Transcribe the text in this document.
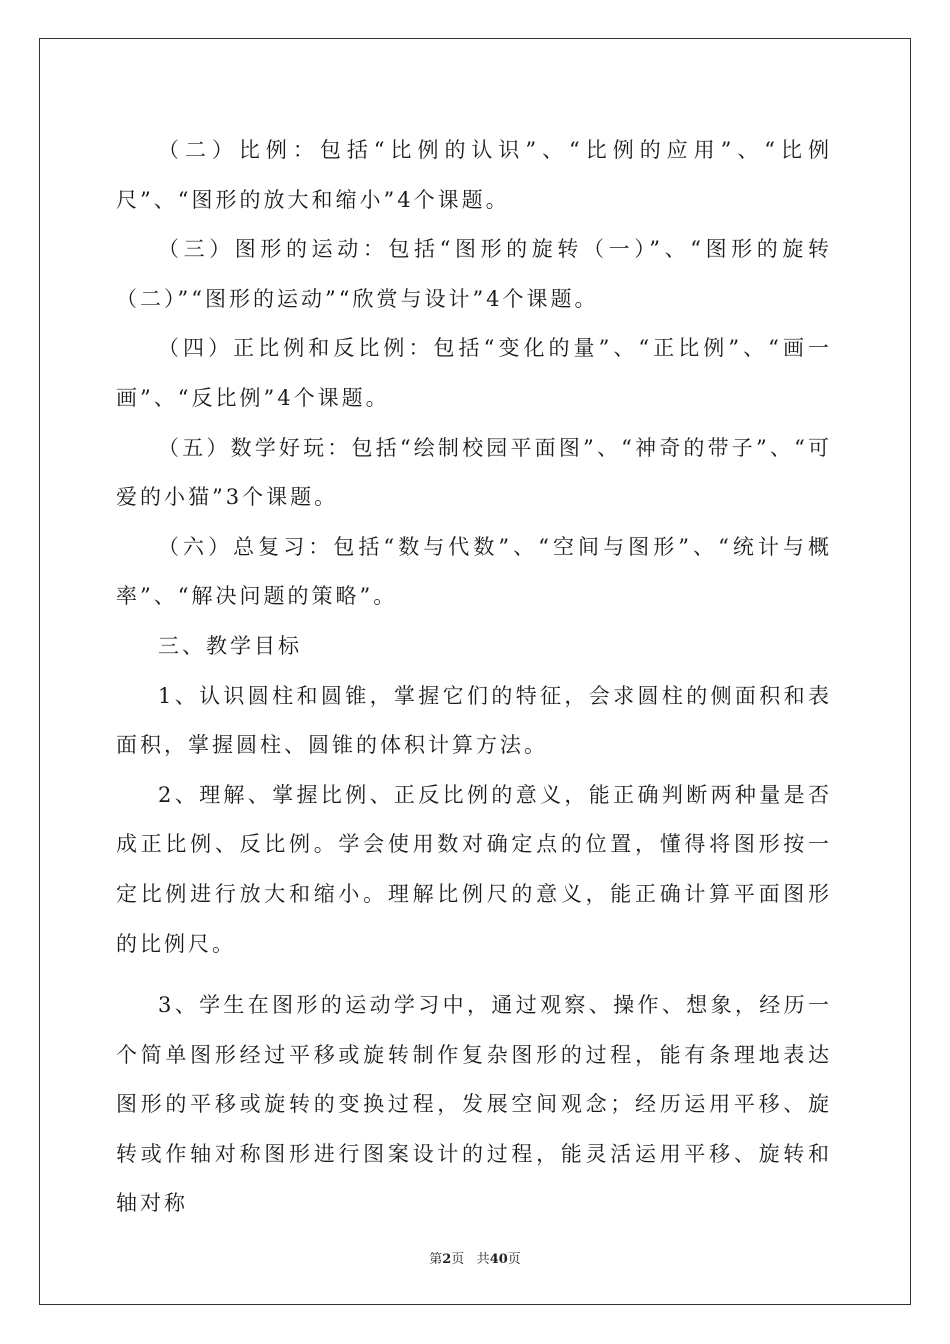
（二）比例：包括“比例的认识”、“比例的应用”、“比例尺”、“图形的放大和缩小”4个课题。

（三）图形的运动：包括“图形的旋转（一）”、“图形的旋转（二）”“图形的运动”“欣赏与设计”4个课题。

（四）正比例和反比例：包括“变化的量”、“正比例”、“画一画”、“反比例”4个课题。

（五）数学好玩：包括“绘制校园平面图”、“神奇的带子”、“可爱的小猫”3个课题。

（六）总复习：包括“数与代数”、“空间与图形”、“统计与概率”、“解决问题的策略”。

三、教学目标

1、认识圆柱和圆锥，掌握它们的特征，会求圆柱的侧面积和表面积，掌握圆柱、圆锥的体积计算方法。

2、理解、掌握比例、正反比例的意义，能正确判断两种量是否成正比例、反比例。学会使用数对确定点的位置，懂得将图形按一定比例进行放大和缩小。理解比例尺的意义，能正确计算平面图形的比例尺。

3、学生在图形的运动学习中，通过观察、操作、想象，经历一个简单图形经过平移或旋转制作复杂图形的过程，能有条理地表达图形的平移或旋转的变换过程，发展空间观念；经历运用平移、旋转或作轴对称图形进行图案设计的过程，能灵活运用平移、旋转和轴对称

第2页 共40页
